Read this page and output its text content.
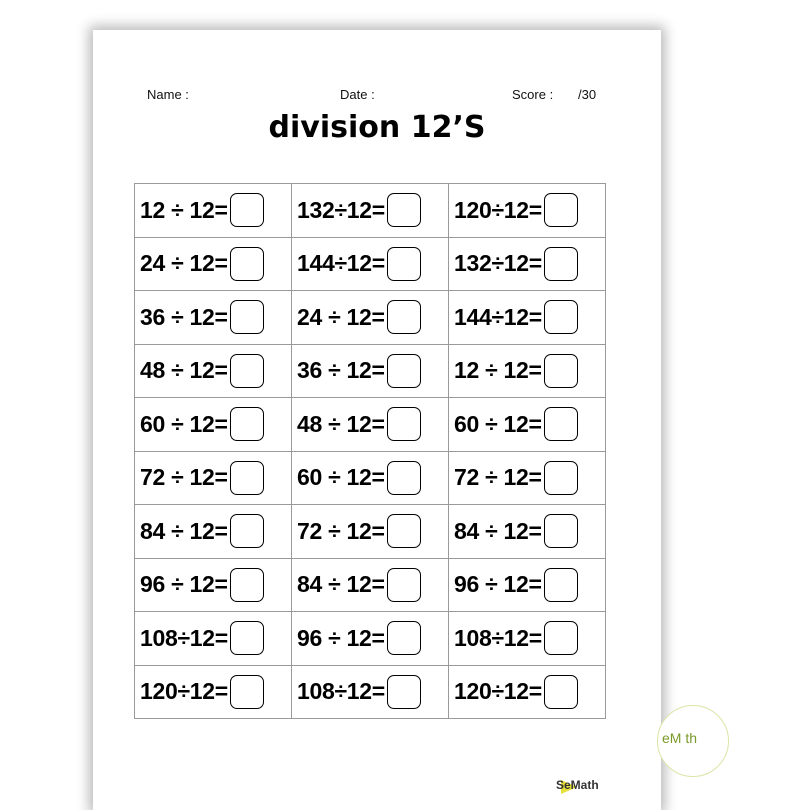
Name :	Date :	Score : /30
division 12’S
12 ÷ 12=	132÷12=	120÷12=

24 ÷ 12=	144÷12=	132÷12=

36 ÷ 12=	24 ÷ 12=	144÷12=

48 ÷ 12=	36 ÷ 12=	12 ÷ 12=

60 ÷ 12=	48 ÷ 12=	60 ÷ 12=

72 ÷ 12=	60 ÷ 12=	72 ÷ 12=

84 ÷ 12=	72 ÷ 12=	84 ÷ 12=

96 ÷ 12=	84 ÷ 12=	96 ÷ 12=

108÷12=	96 ÷ 12=	108÷12=

120÷12=	108÷12=	120÷12=
eM th
SeMath
